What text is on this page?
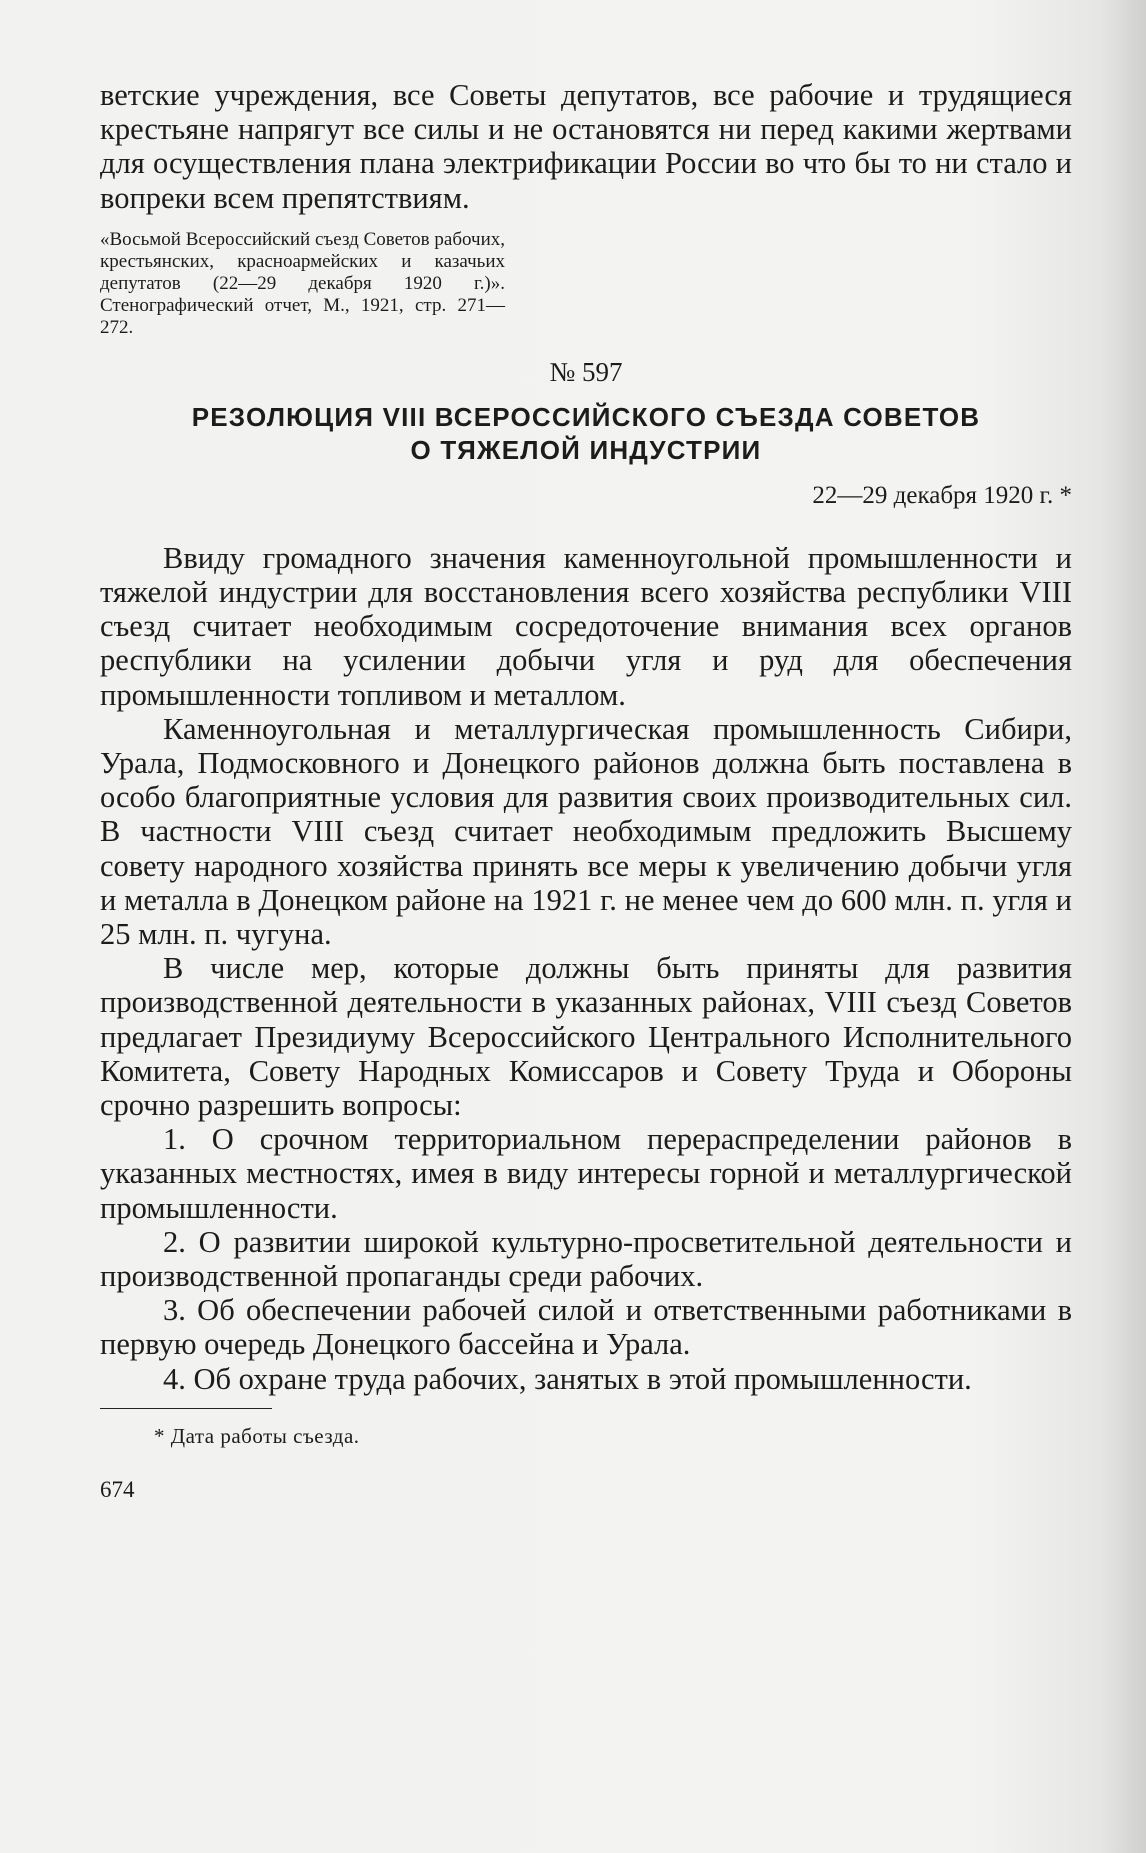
ветские учреждения, все Советы депутатов, все рабочие и трудящиеся крестьяне напрягут все силы и не остановятся ни перед какими жертвами для осуществления плана электрификации России во что бы то ни стало и вопреки всем препятствиям.

«Восьмой Всероссийский съезд Советов рабочих, крестьянских, красноармейских и казачьих депутатов (22—29 декабря 1920 г.)». Стенографический отчет, М., 1921, стр. 271—272.

№ 597

РЕЗОЛЮЦИЯ VIII ВСЕРОССИЙСКОГО СЪЕЗДА СОВЕТОВ
О ТЯЖЕЛОЙ ИНДУСТРИИ

22—29 декабря 1920 г. *

Ввиду громадного значения каменноугольной промышленности и тяжелой индустрии для восстановления всего хозяйства республики VIII съезд считает необходимым сосредоточение внимания всех органов республики на усилении добычи угля и руд для обеспечения промышленности топливом и металлом.

Каменноугольная и металлургическая промышленность Сибири, Урала, Подмосковного и Донецкого районов должна быть поставлена в особо благоприятные условия для развития своих производительных сил. В частности VIII съезд считает необходимым предложить Высшему совету народного хозяйства принять все меры к увеличению добычи угля и металла в Донецком районе на 1921 г. не менее чем до 600 млн. п. угля и 25 млн. п. чугуна.

В числе мер, которые должны быть приняты для развития производственной деятельности в указанных районах, VIII съезд Советов предлагает Президиуму Всероссийского Центрального Исполнительного Комитета, Совету Народных Комиссаров и Совету Труда и Обороны срочно разрешить вопросы:

1. О срочном территориальном перераспределении районов в указанных местностях, имея в виду интересы горной и металлургической промышленности.

2. О развитии широкой культурно-просветительной деятельности и производственной пропаганды среди рабочих.

3. Об обеспечении рабочей силой и ответственными работниками в первую очередь Донецкого бассейна и Урала.

4. Об охране труда рабочих, занятых в этой промышленности.

* Дата работы съезда.

674
